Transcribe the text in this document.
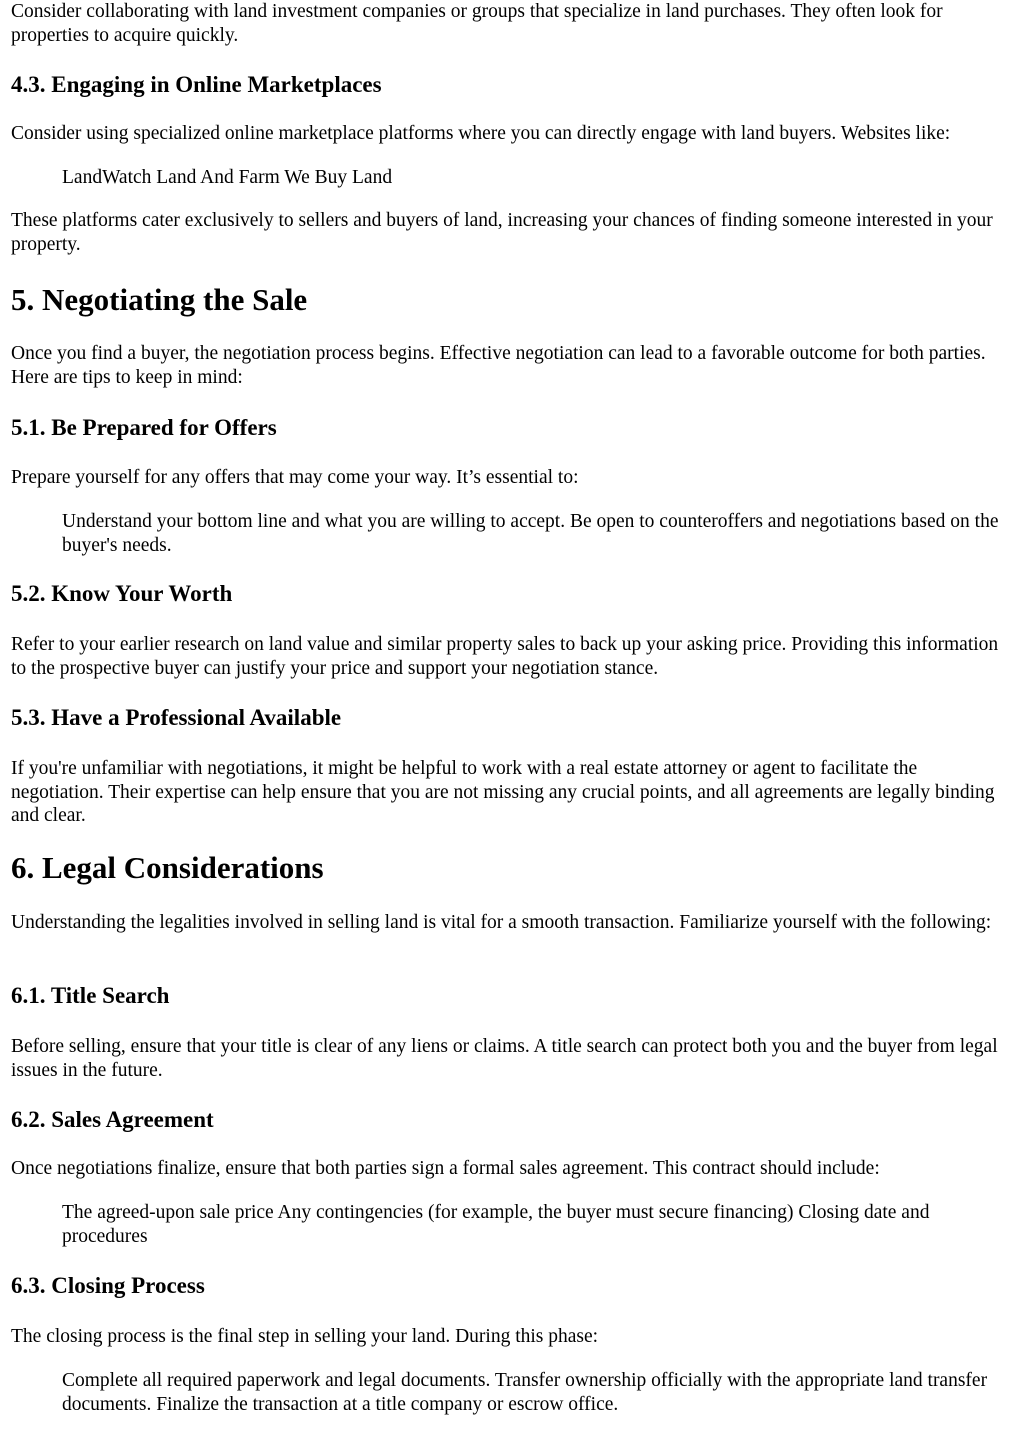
Consider collaborating with land investment companies or groups that specialize in land purchases. They often look for properties to acquire quickly.

4.3. Engaging in Online Marketplaces

Consider using specialized online marketplace platforms where you can directly engage with land buyers. Websites like:

LandWatch Land And Farm We Buy Land

These platforms cater exclusively to sellers and buyers of land, increasing your chances of finding someone interested in your property.

5. Negotiating the Sale

Once you find a buyer, the negotiation process begins. Effective negotiation can lead to a favorable outcome for both parties. Here are tips to keep in mind:

5.1. Be Prepared for Offers

Prepare yourself for any offers that may come your way. It’s essential to:

Understand your bottom line and what you are willing to accept. Be open to counteroffers and negotiations based on the buyer's needs.

5.2. Know Your Worth

Refer to your earlier research on land value and similar property sales to back up your asking price. Providing this information to the prospective buyer can justify your price and support your negotiation stance.

5.3. Have a Professional Available

If you're unfamiliar with negotiations, it might be helpful to work with a real estate attorney or agent to facilitate the negotiation. Their expertise can help ensure that you are not missing any crucial points, and all agreements are legally binding and clear.

6. Legal Considerations

Understanding the legalities involved in selling land is vital for a smooth transaction. Familiarize yourself with the following:

6.1. Title Search

Before selling, ensure that your title is clear of any liens or claims. A title search can protect both you and the buyer from legal issues in the future.

6.2. Sales Agreement

Once negotiations finalize, ensure that both parties sign a formal sales agreement. This contract should include:

The agreed-upon sale price Any contingencies (for example, the buyer must secure financing) Closing date and procedures

6.3. Closing Process

The closing process is the final step in selling your land. During this phase:

Complete all required paperwork and legal documents. Transfer ownership officially with the appropriate land transfer documents. Finalize the transaction at a title company or escrow office.
